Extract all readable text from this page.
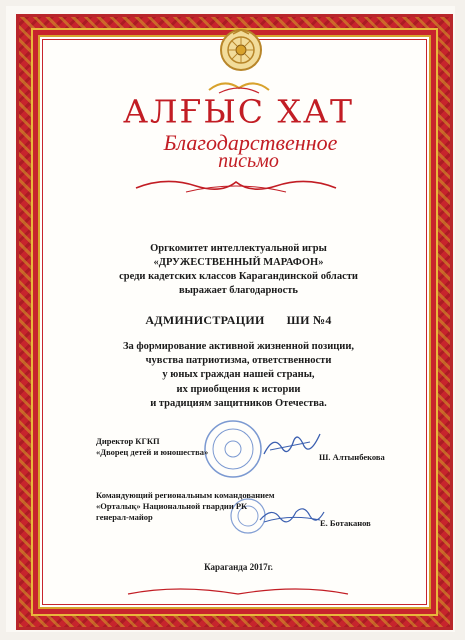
АЛҒЫС ХАТ
Благодарственное
письмо
Оргкомитет интеллектуальной игры
«ДРУЖЕСТВЕННЫЙ МАРАФОН»
среди кадетских классов Карагандинской области
выражает благодарность
АДМИНИСТРАЦИИ ШИ №4
За формирование активной жизненной позиции,
чувства патриотизма, ответственности
у юных граждан нашей страны,
их приобщения к истории
и традициям защитников Отечества.
Директор КГКП
«Дворец детей и юношества»	Ш. Алтынбекова
Командующий региональным командованием
«Орталық» Национальной гвардии РК
генерал-майор
Е. Ботаканов
Караганда 2017г.
